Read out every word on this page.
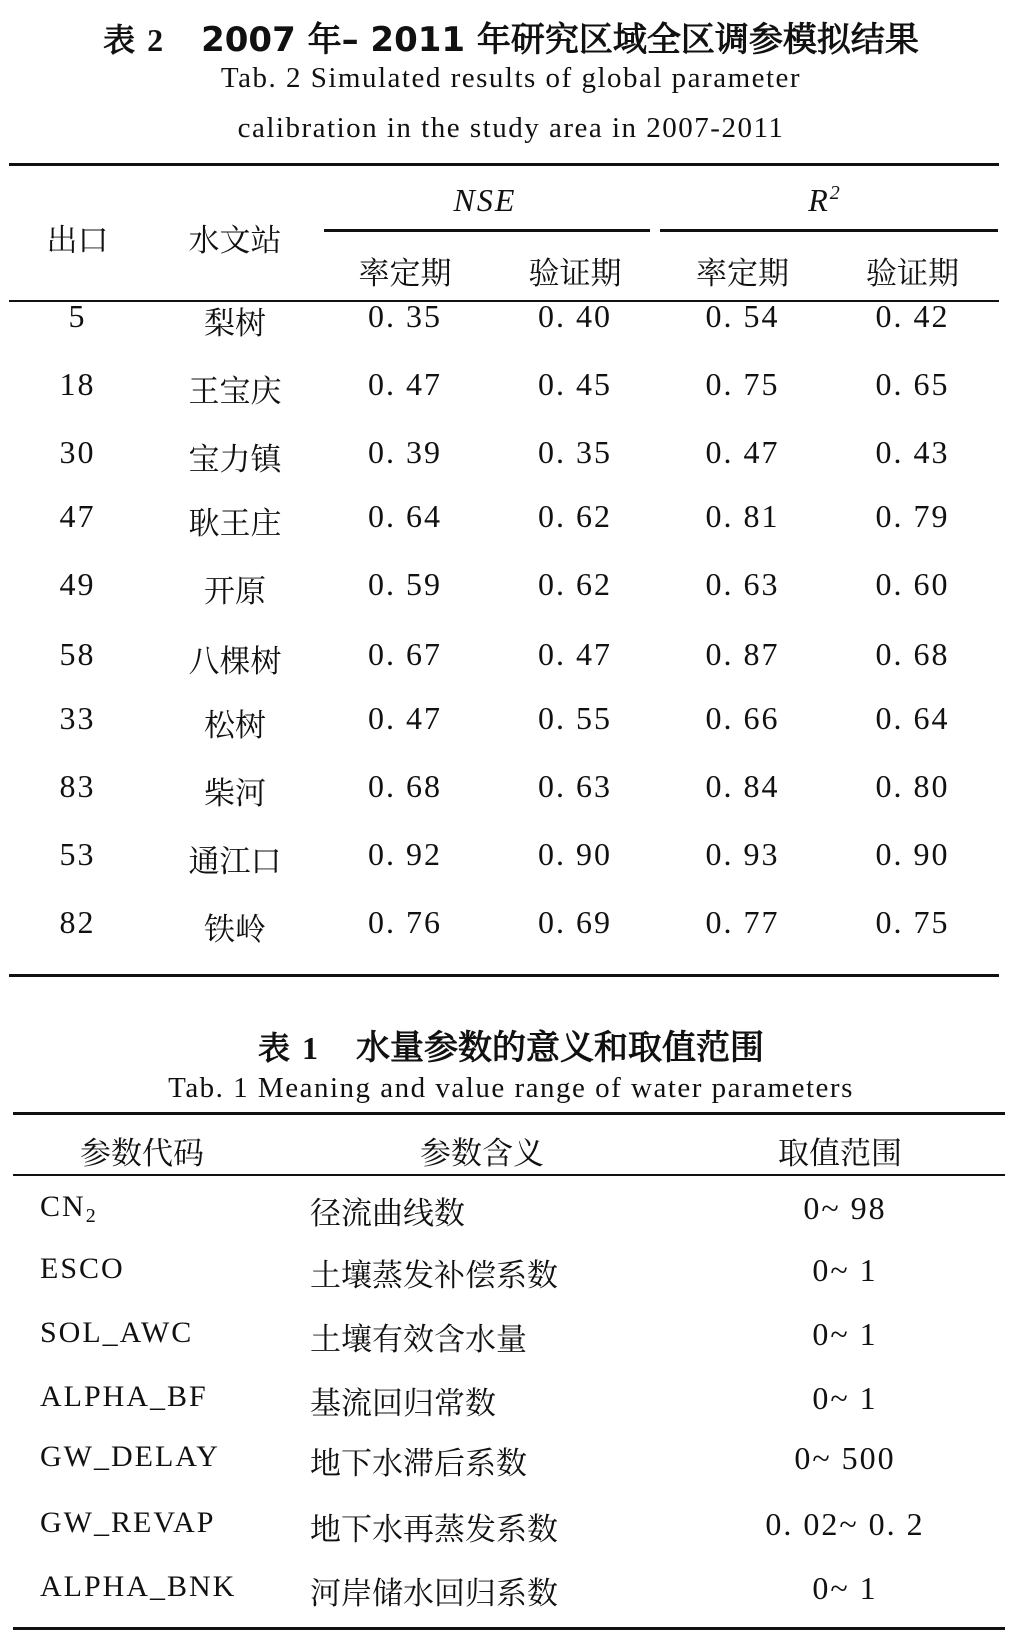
表 2 2007 年– 2011 年研究区域全区调参模拟结果
Tab. 2 Simulated results of global parameter
calibration in the study area in 2007-2011
出口	水文站
NSE	$R^2$
率定期	验证期	率定期	验证期
5	梨树	0. 35	0. 40	0. 54	0. 42
18	王宝庆	0. 47	0. 45	0. 75	0. 65
30	宝力镇	0. 39	0. 35	0. 47	0. 43
47	耿王庄	0. 64	0. 62	0. 81	0. 79
49	开原	0. 59	0. 62	0. 63	0. 60
58	八棵树	0. 67	0. 47	0. 87	0. 68
33	松树	0. 47	0. 55	0. 66	0. 64
83	柴河	0. 68	0. 63	0. 84	0. 80
53	通江口	0. 92	0. 90	0. 93	0. 90
82	铁岭	0. 76	0. 69	0. 77	0. 75
表 1 水量参数的意义和取值范围
Tab. 1 Meaning and value range of water parameters
参数代码	参数含义	取值范围
$CN_2$	径流曲线数	0~ 98
ESCO	土壤蒸发补偿系数	0~ 1
SOL_AWC	土壤有效含水量	0~ 1
ALPHA_BF	基流回归常数	0~ 1
GW_DELAY	地下水滞后系数	0~ 500
GW_REVAP	地下水再蒸发系数	0. 02~ 0. 2
ALPHA_BNK 河岸储水回归系数	0~ 1
